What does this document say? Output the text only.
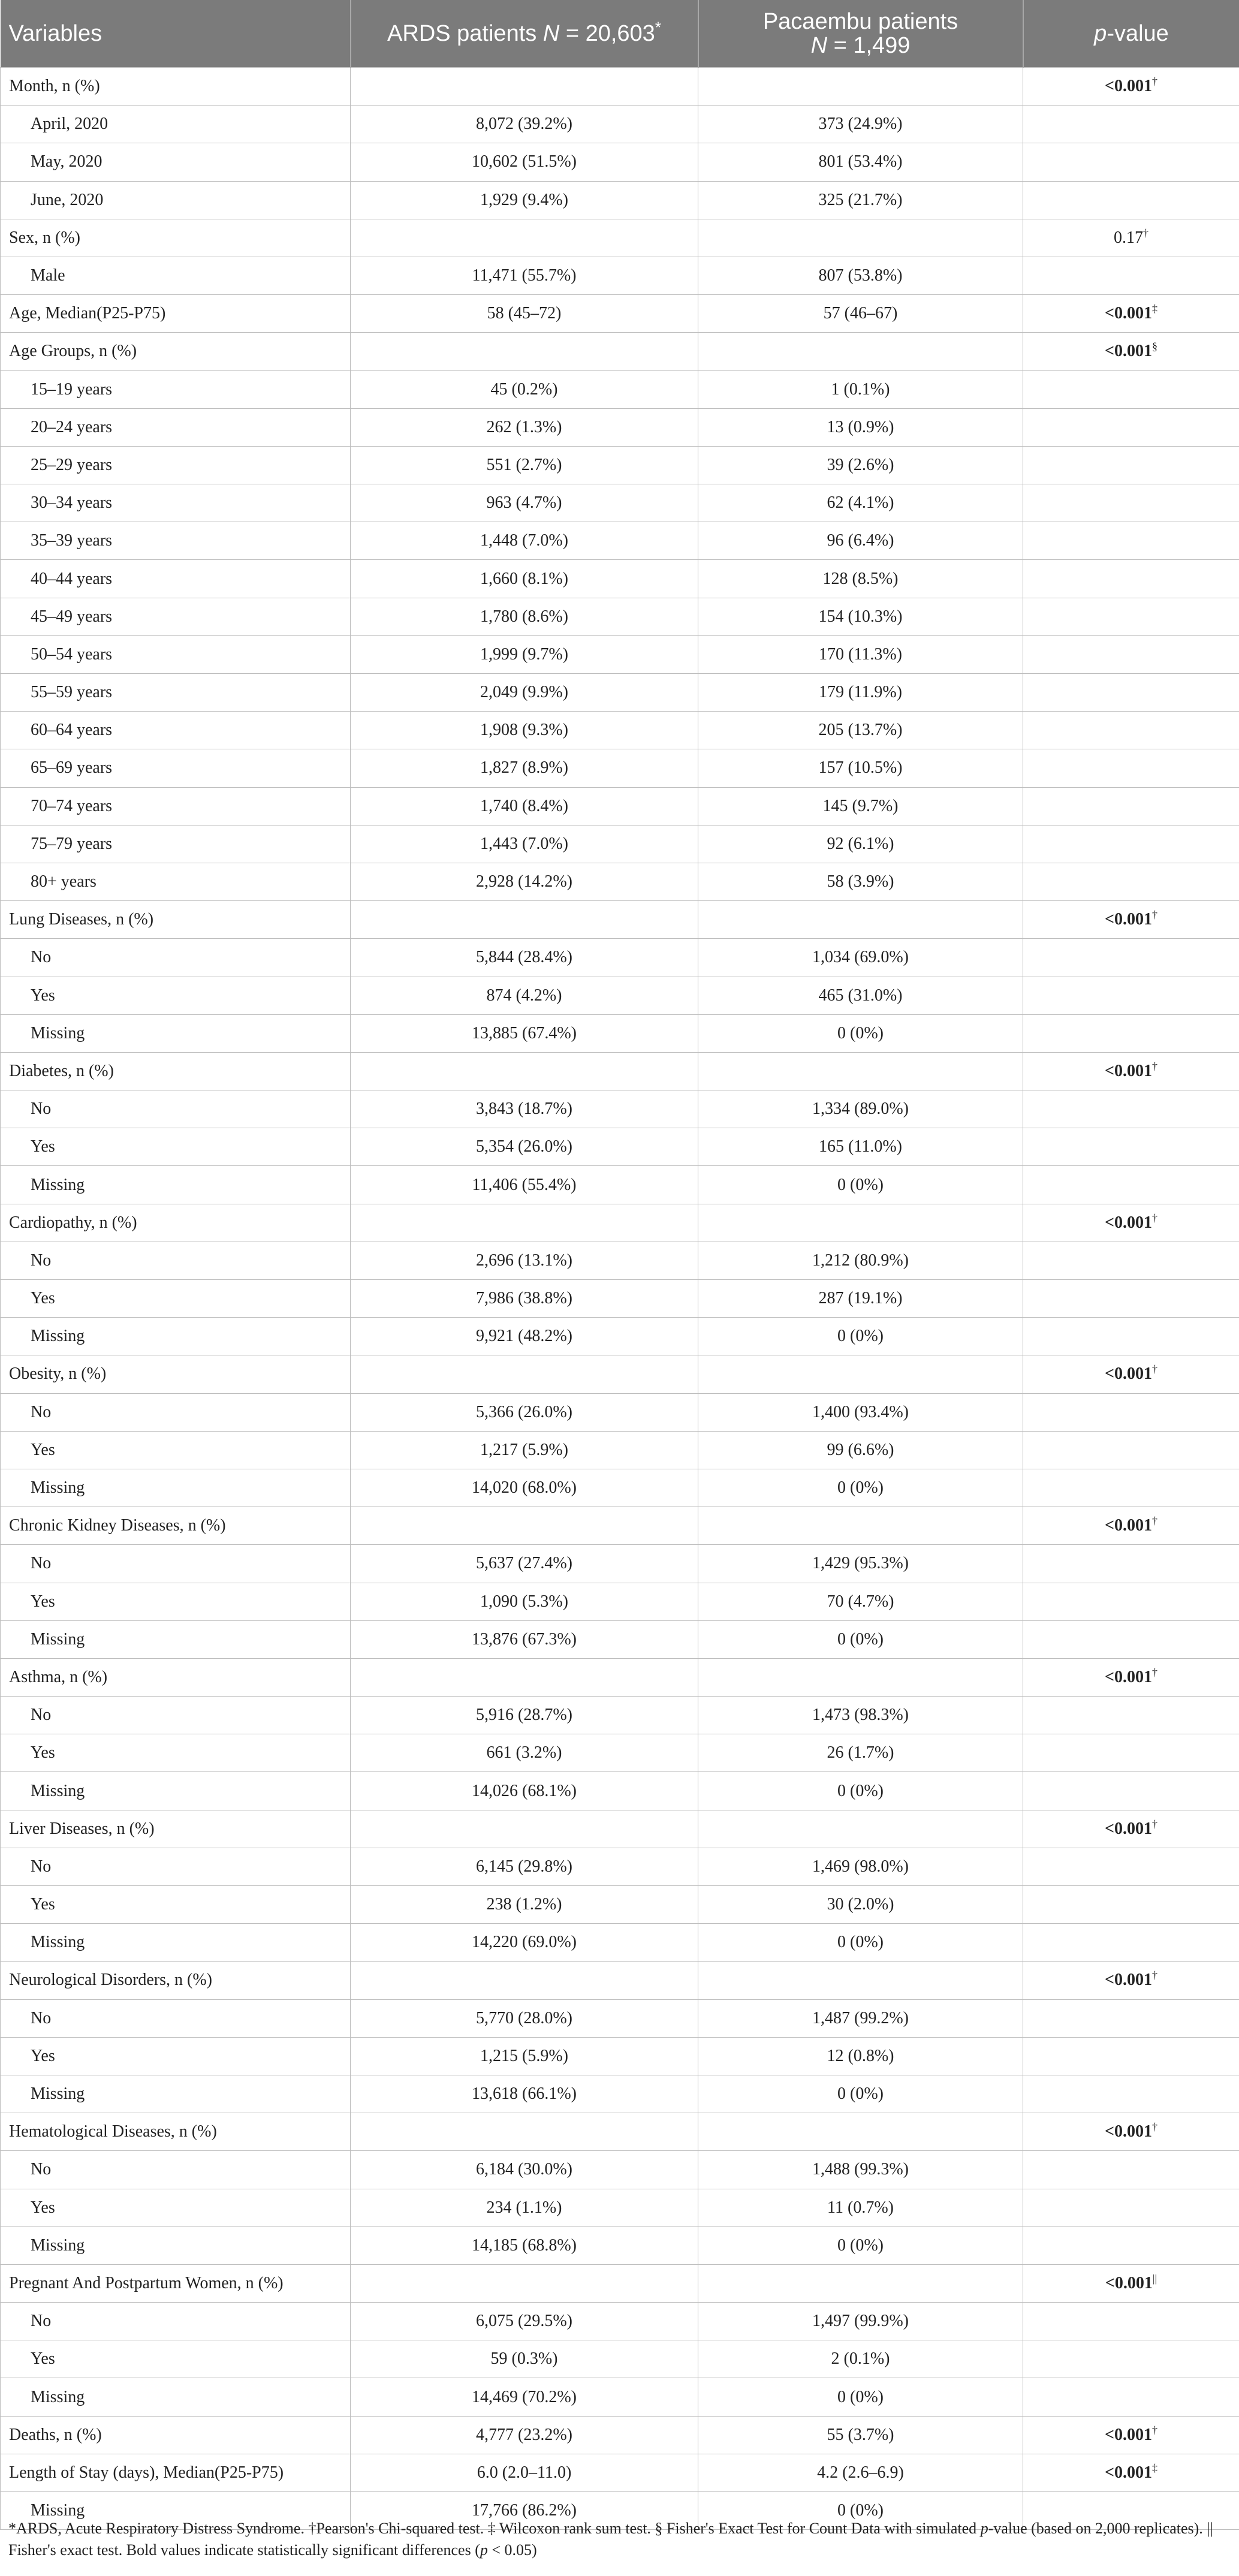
Variables	ARDS patients N = 20,603*	Pacaembu patients
N = 1,499	p-value
Month, n (%)			<0.001†
April, 2020	8,072 (39.2%)	373 (24.9%)	
May, 2020	10,602 (51.5%)	801 (53.4%)	
June, 2020	1,929 (9.4%)	325 (21.7%)	
Sex, n (%)			0.17†
Male	11,471 (55.7%)	807 (53.8%)	
Age, Median(P25-P75)	58 (45–72)	57 (46–67)	<0.001‡
Age Groups, n (%)			<0.001§
15–19 years	45 (0.2%)	1 (0.1%)	
20–24 years	262 (1.3%)	13 (0.9%)	
25–29 years	551 (2.7%)	39 (2.6%)	
30–34 years	963 (4.7%)	62 (4.1%)	
35–39 years	1,448 (7.0%)	96 (6.4%)	
40–44 years	1,660 (8.1%)	128 (8.5%)	
45–49 years	1,780 (8.6%)	154 (10.3%)	
50–54 years	1,999 (9.7%)	170 (11.3%)	
55–59 years	2,049 (9.9%)	179 (11.9%)	
60–64 years	1,908 (9.3%)	205 (13.7%)	
65–69 years	1,827 (8.9%)	157 (10.5%)	
70–74 years	1,740 (8.4%)	145 (9.7%)	
75–79 years	1,443 (7.0%)	92 (6.1%)	
80+ years	2,928 (14.2%)	58 (3.9%)	
Lung Diseases, n (%)			<0.001†
No	5,844 (28.4%)	1,034 (69.0%)	
Yes	874 (4.2%)	465 (31.0%)	
Missing	13,885 (67.4%)	0 (0%)	
Diabetes, n (%)			<0.001†
No	3,843 (18.7%)	1,334 (89.0%)	
Yes	5,354 (26.0%)	165 (11.0%)	
Missing	11,406 (55.4%)	0 (0%)	
Cardiopathy, n (%)			<0.001†
No	2,696 (13.1%)	1,212 (80.9%)	
Yes	7,986 (38.8%)	287 (19.1%)	
Missing	9,921 (48.2%)	0 (0%)	
Obesity, n (%)			<0.001†
No	5,366 (26.0%)	1,400 (93.4%)	
Yes	1,217 (5.9%)	99 (6.6%)	
Missing	14,020 (68.0%)	0 (0%)	
Chronic Kidney Diseases, n (%)			<0.001†
No	5,637 (27.4%)	1,429 (95.3%)	
Yes	1,090 (5.3%)	70 (4.7%)	
Missing	13,876 (67.3%)	0 (0%)	
Asthma, n (%)			<0.001†
No	5,916 (28.7%)	1,473 (98.3%)	
Yes	661 (3.2%)	26 (1.7%)	
Missing	14,026 (68.1%)	0 (0%)	
Liver Diseases, n (%)			<0.001†
No	6,145 (29.8%)	1,469 (98.0%)	
Yes	238 (1.2%)	30 (2.0%)	
Missing	14,220 (69.0%)	0 (0%)	
Neurological Disorders, n (%)			<0.001†
No	5,770 (28.0%)	1,487 (99.2%)	
Yes	1,215 (5.9%)	12 (0.8%)	
Missing	13,618 (66.1%)	0 (0%)	
Hematological Diseases, n (%)			<0.001†
No	6,184 (30.0%)	1,488 (99.3%)	
Yes	234 (1.1%)	11 (0.7%)	
Missing	14,185 (68.8%)	0 (0%)	
Pregnant And Postpartum Women, n (%)			<0.001||
No	6,075 (29.5%)	1,497 (99.9%)	
Yes	59 (0.3%)	2 (0.1%)	
Missing	14,469 (70.2%)	0 (0%)	
Deaths, n (%)	4,777 (23.2%)	55 (3.7%)	<0.001†
Length of Stay (days), Median(P25-P75)	6.0 (2.0–11.0)	4.2 (2.6–6.9)	<0.001‡
Missing	17,766 (86.2%)	0 (0%)	
*ARDS, Acute Respiratory Distress Syndrome. †Pearson's Chi-squared test. ‡ Wilcoxon rank sum test. § Fisher's Exact Test for Count Data with simulated p-value (based on 2,000 replicates). || Fisher's exact test. Bold values indicate statistically significant differences (p < 0.05)
